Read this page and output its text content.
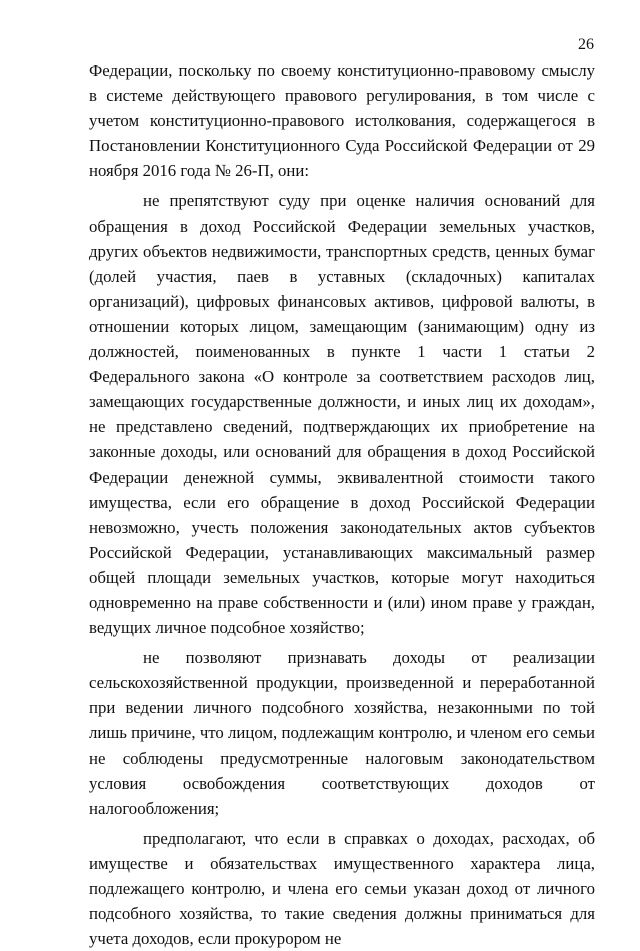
26

Федерации, поскольку по своему конституционно-правовому смыслу в системе действующего правового регулирования, в том числе с учетом конституционно-правового истолкования, содержащегося в Постановлении Конституционного Суда Российской Федерации от 29 ноября 2016 года № 26-П, они:

не препятствуют суду при оценке наличия оснований для обращения в доход Российской Федерации земельных участков, других объектов недвижимости, транспортных средств, ценных бумаг (долей участия, паев в уставных (складочных) капиталах организаций), цифровых финансовых активов, цифровой валюты, в отношении которых лицом, замещающим (занимающим) одну из должностей, поименованных в пункте 1 части 1 статьи 2 Федерального закона «О контроле за соответствием расходов лиц, замещающих государственные должности, и иных лиц их доходам», не представлено сведений, подтверждающих их приобретение на законные доходы, или оснований для обращения в доход Российской Федерации денежной суммы, эквивалентной стоимости такого имущества, если его обращение в доход Российской Федерации невозможно, учесть положения законодательных актов субъектов Российской Федерации, устанавливающих максимальный размер общей площади земельных участков, которые могут находиться одновременно на праве собственности и (или) ином праве у граждан, ведущих личное подсобное хозяйство;

не позволяют признавать доходы от реализации сельскохозяйственной продукции, произведенной и переработанной при ведении личного подсобного хозяйства, незаконными по той лишь причине, что лицом, подлежащим контролю, и членом его семьи не соблюдены предусмотренные налоговым законодательством условия освобождения соответствующих доходов от налогообложения;

предполагают, что если в справках о доходах, расходах, об имуществе и обязательствах имущественного характера лица, подлежащего контролю, и члена его семьи указан доход от личного подсобного хозяйства, то такие сведения должны приниматься для учета доходов, если прокурором не
